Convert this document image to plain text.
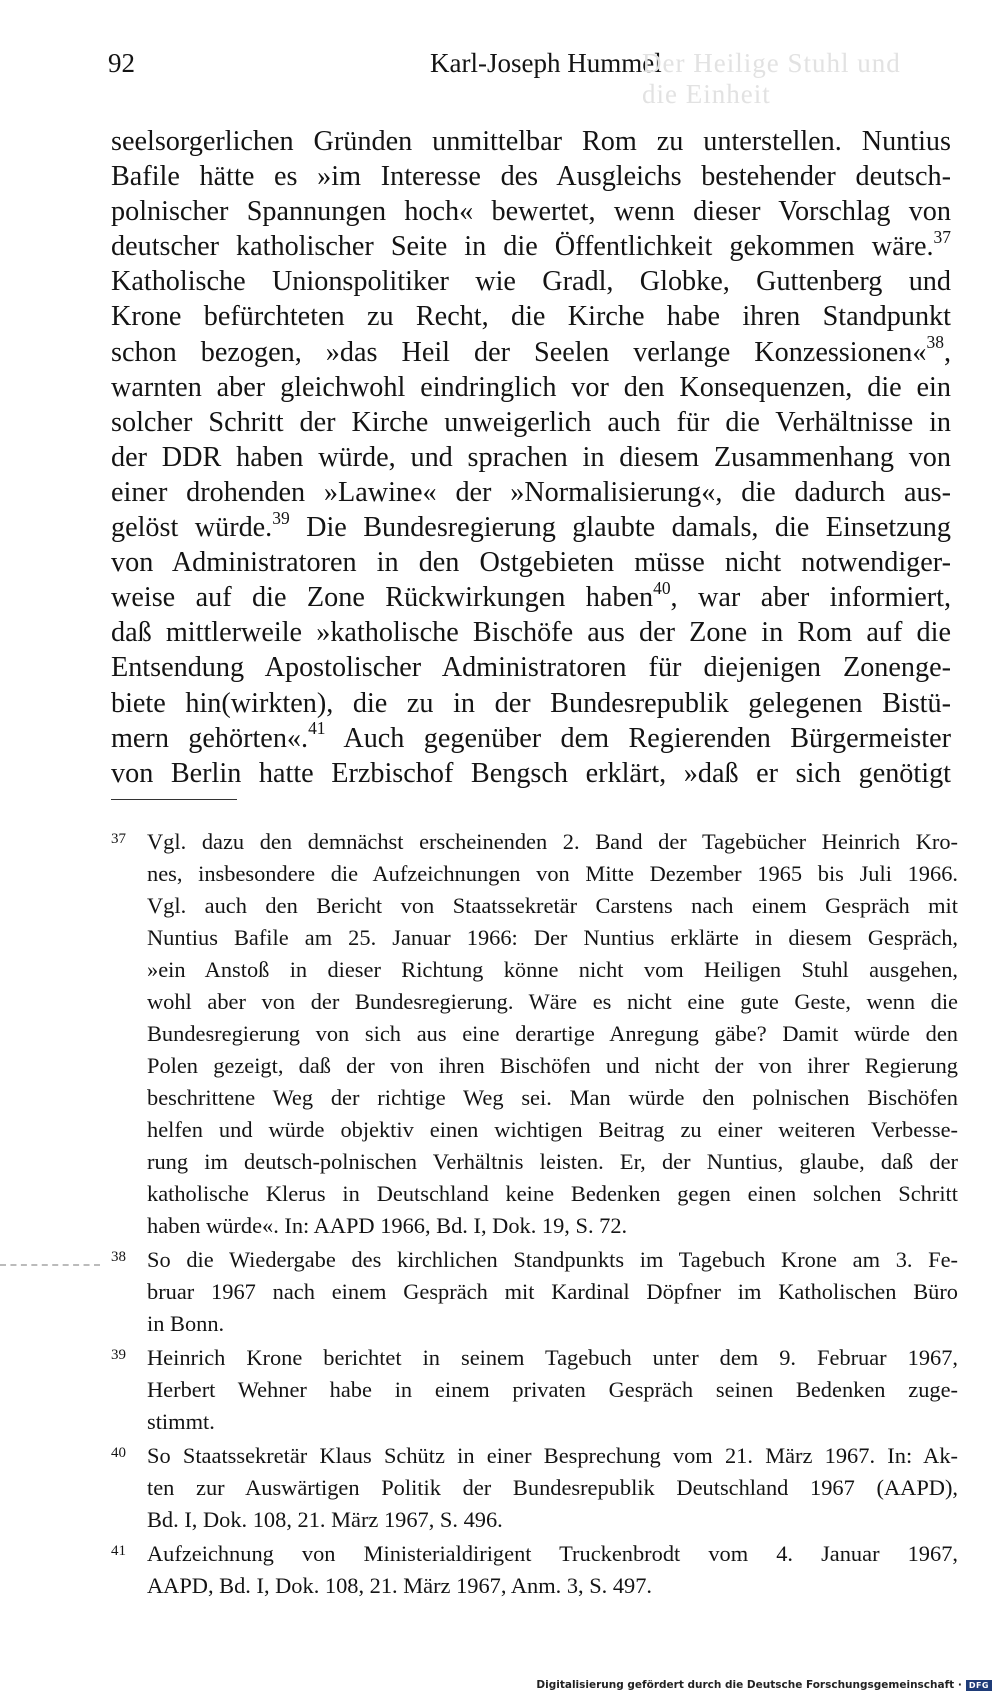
92	Karl-Joseph Hummel
Der Heilige Stuhl und die Einheit
seelsorgerlichen Gründen unmittelbar Rom zu unterstellen. Nuntius
Bafile hätte es »im Interesse des Ausgleichs bestehender deutsch-
polnischer Spannungen hoch« bewertet, wenn dieser Vorschlag von
deutscher katholischer Seite in die Öffentlichkeit gekommen wäre.$^{37}$
Katholische Unionspolitiker wie Gradl, Globke, Guttenberg und
Krone befürchteten zu Recht, die Kirche habe ihren Standpunkt
schon bezogen, »das Heil der Seelen verlange Konzessionen«$^{38}$,
warnten aber gleichwohl eindringlich vor den Konsequenzen, die ein
solcher Schritt der Kirche unweigerlich auch für die Verhältnisse in
der DDR haben würde, und sprachen in diesem Zusammenhang von
einer drohenden »Lawine« der »Normalisierung«, die dadurch aus-
gelöst würde.$^{39}$ Die Bundesregierung glaubte damals, die Einsetzung
von Administratoren in den Ostgebieten müsse nicht notwendiger-
weise auf die Zone Rückwirkungen haben$^{40}$, war aber informiert,
daß mittlerweile »katholische Bischöfe aus der Zone in Rom auf die
Entsendung Apostolischer Administratoren für diejenigen Zonenge-
biete hin(wirkten), die zu in der Bundesrepublik gelegenen Bistü-
mern gehörten«.$^{41}$ Auch gegenüber dem Regierenden Bürgermeister
von Berlin hatte Erzbischof Bengsch erklärt, »daß er sich genötigt
37 Vgl. dazu den demnächst erscheinenden 2. Band der Tagebücher Heinrich Kro-
nes, insbesondere die Aufzeichnungen von Mitte Dezember 1965 bis Juli 1966.
Vgl. auch den Bericht von Staatssekretär Carstens nach einem Gespräch mit
Nuntius Bafile am 25. Januar 1966: Der Nuntius erklärte in diesem Gespräch,
»ein Anstoß in dieser Richtung könne nicht vom Heiligen Stuhl ausgehen,
wohl aber von der Bundesregierung. Wäre es nicht eine gute Geste, wenn die
Bundesregierung von sich aus eine derartige Anregung gäbe? Damit würde den
Polen gezeigt, daß der von ihren Bischöfen und nicht der von ihrer Regierung
beschrittene Weg der richtige Weg sei. Man würde den polnischen Bischöfen
helfen und würde objektiv einen wichtigen Beitrag zu einer weiteren Verbesse-
rung im deutsch-polnischen Verhältnis leisten. Er, der Nuntius, glaube, daß der
katholische Klerus in Deutschland keine Bedenken gegen einen solchen Schritt
haben würde«. In: AAPD 1966, Bd. I, Dok. 19, S. 72.
38 So die Wiedergabe des kirchlichen Standpunkts im Tagebuch Krone am 3. Fe-
bruar 1967 nach einem Gespräch mit Kardinal Döpfner im Katholischen Büro
in Bonn.
39 Heinrich Krone berichtet in seinem Tagebuch unter dem 9. Februar 1967,
Herbert Wehner habe in einem privaten Gespräch seinen Bedenken zuge-
stimmt.
40 So Staatssekretär Klaus Schütz in einer Besprechung vom 21. März 1967. In: Ak-
ten zur Auswärtigen Politik der Bundesrepublik Deutschland 1967 (AAPD),
Bd. I, Dok. 108, 21. März 1967, S. 496.
41 Aufzeichnung von Ministerialdirigent Truckenbrodt vom 4. Januar 1967,
AAPD, Bd. I, Dok. 108, 21. März 1967, Anm. 3, S. 497.
Digitalisierung gefördert durch die Deutsche Forschungsgemeinschaft · DFG
